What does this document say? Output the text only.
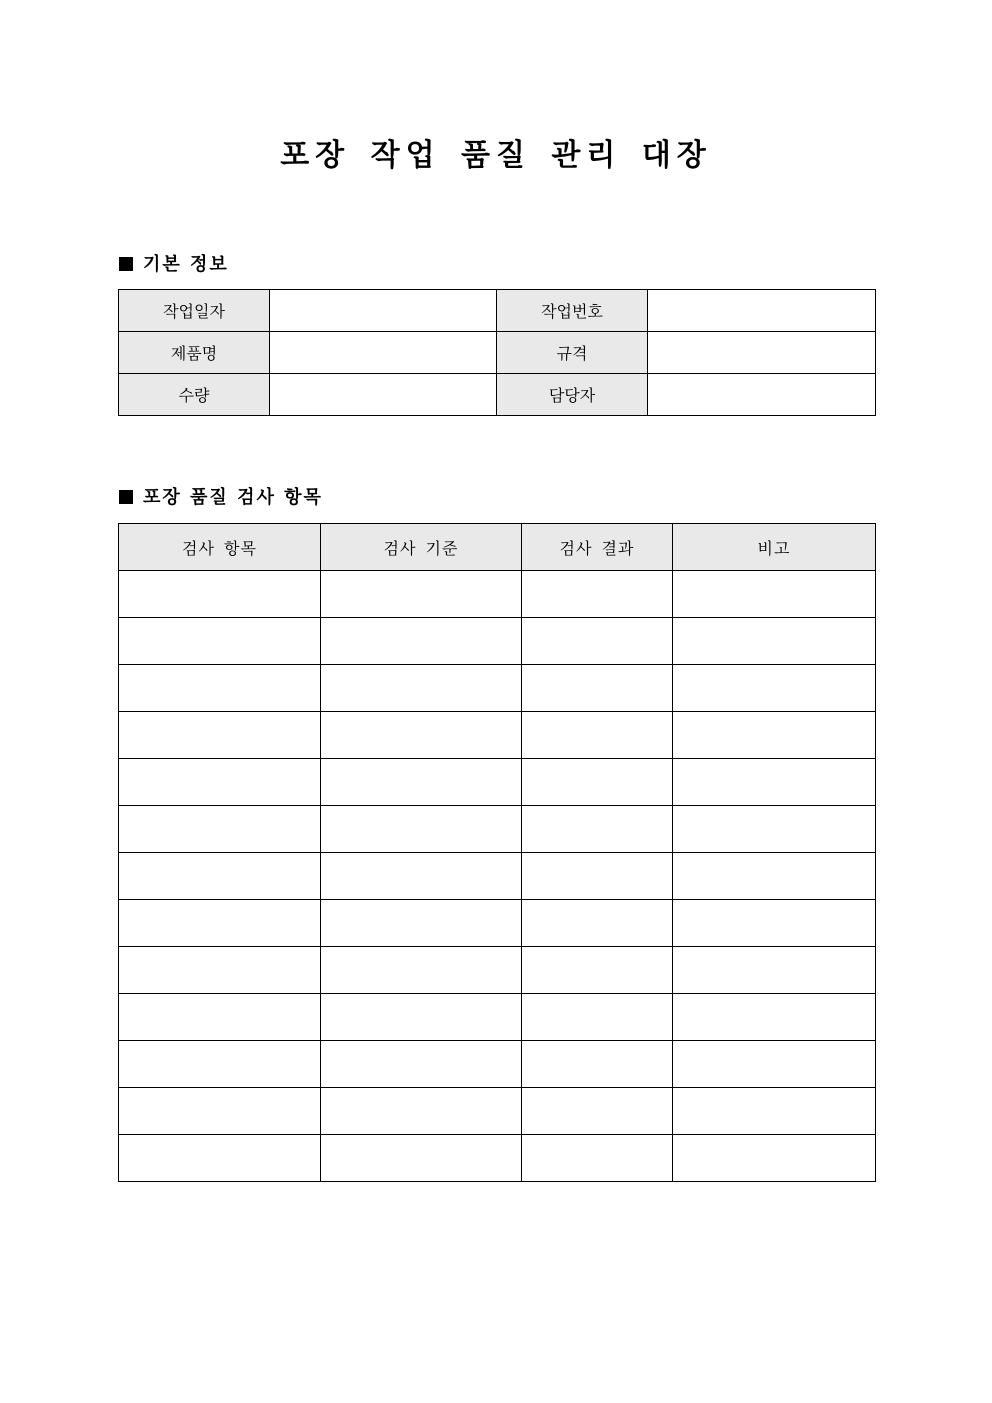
포장 작업 품질 관리 대장
기본 정보
작업일자		작업번호	
제품명		규격	
수량		담당자	
포장 품질 검사 항목
검사 항목	검사 기준	검사 결과	비고
